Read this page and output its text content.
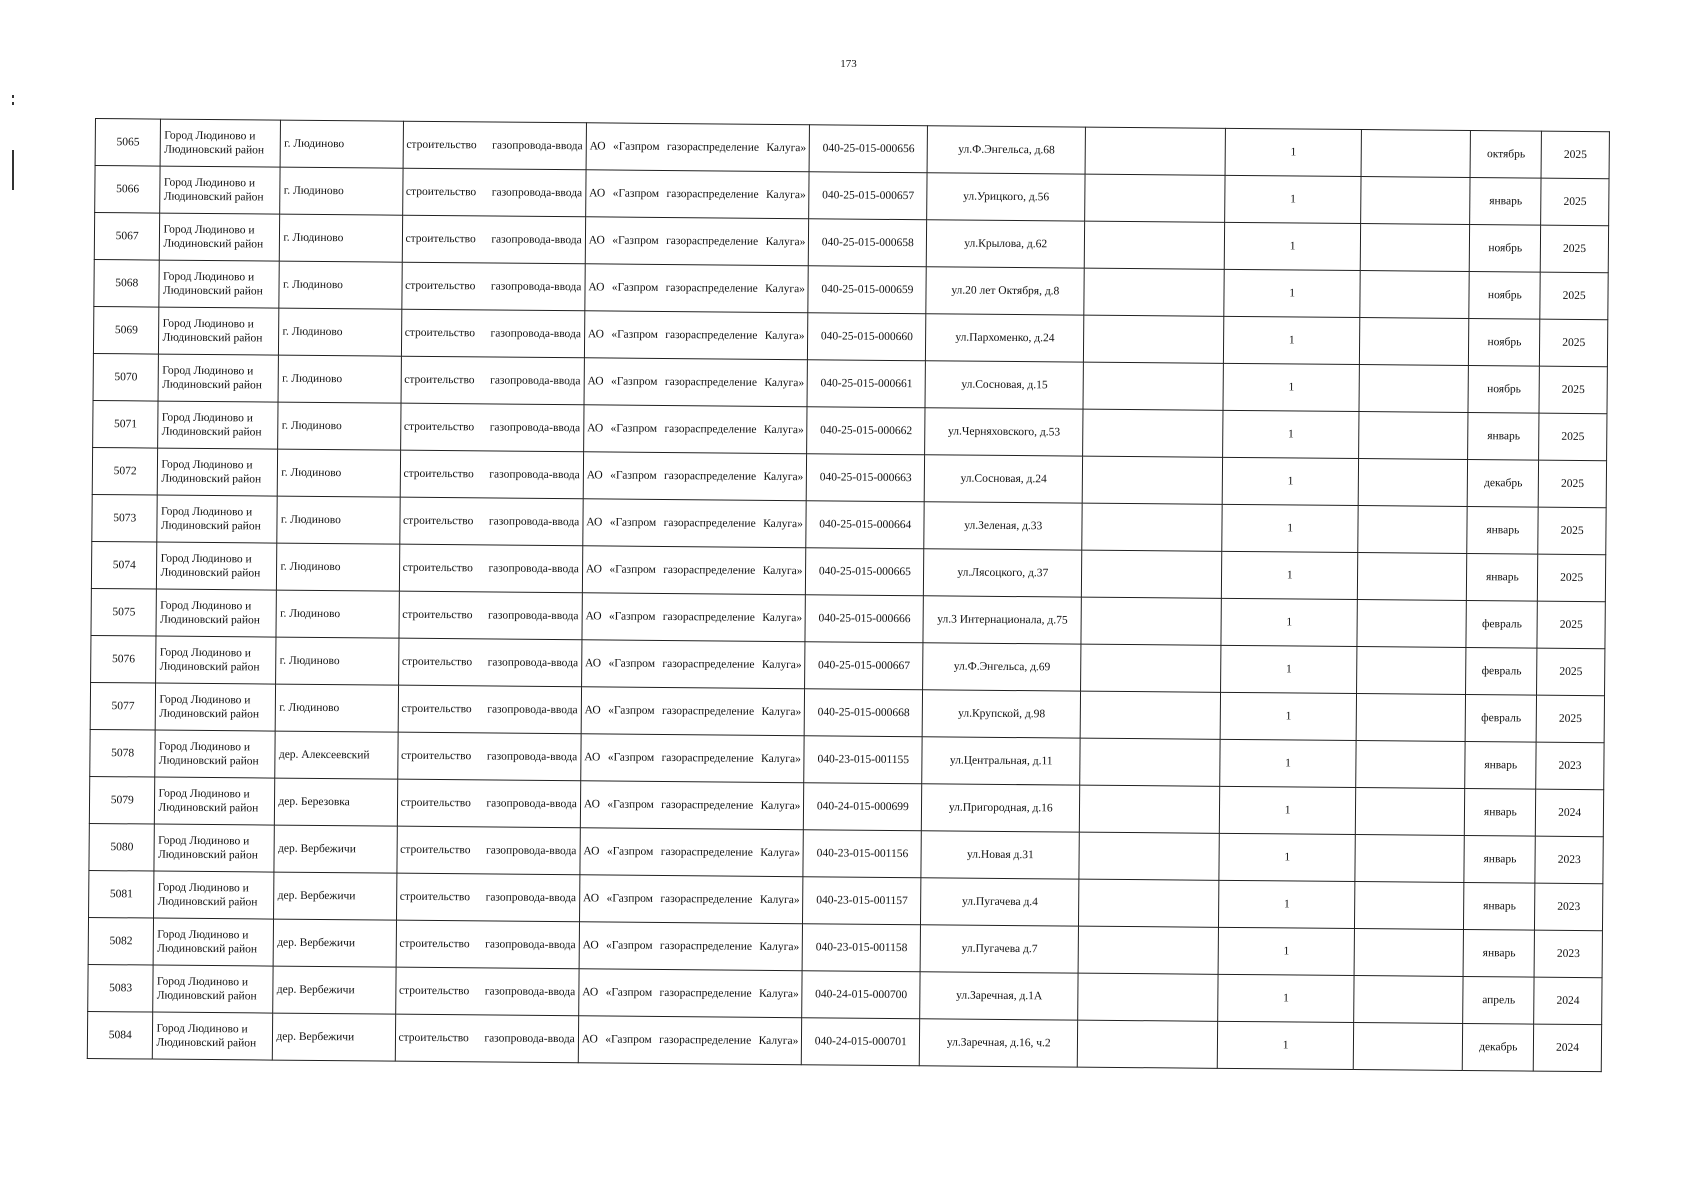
173
5065	Город Людиново и Людиновский район	г. Людиново	строительство газопровода-ввода	АО «Газпром газораспределение Калуга»	040-25-015-000656	ул.Ф.Энгельса, д.68		1		октябрь	2025
5066	Город Людиново и Людиновский район	г. Людиново	строительство газопровода-ввода	АО «Газпром газораспределение Калуга»	040-25-015-000657	ул.Урицкого, д.56		1		январь	2025
5067	Город Людиново и Людиновский район	г. Людиново	строительство газопровода-ввода	АО «Газпром газораспределение Калуга»	040-25-015-000658	ул.Крылова, д.62		1		ноябрь	2025
5068	Город Людиново и Людиновский район	г. Людиново	строительство газопровода-ввода	АО «Газпром газораспределение Калуга»	040-25-015-000659	ул.20 лет Октября, д.8		1		ноябрь	2025
5069	Город Людиново и Людиновский район	г. Людиново	строительство газопровода-ввода	АО «Газпром газораспределение Калуга»	040-25-015-000660	ул.Пархоменко, д.24		1		ноябрь	2025
5070	Город Людиново и Людиновский район	г. Людиново	строительство газопровода-ввода	АО «Газпром газораспределение Калуга»	040-25-015-000661	ул.Сосновая, д.15		1		ноябрь	2025
5071	Город Людиново и Людиновский район	г. Людиново	строительство газопровода-ввода	АО «Газпром газораспределение Калуга»	040-25-015-000662	ул.Черняховского, д.53		1		январь	2025
5072	Город Людиново и Людиновский район	г. Людиново	строительство газопровода-ввода	АО «Газпром газораспределение Калуга»	040-25-015-000663	ул.Сосновая, д.24		1		декабрь	2025
5073	Город Людиново и Людиновский район	г. Людиново	строительство газопровода-ввода	АО «Газпром газораспределение Калуга»	040-25-015-000664	ул.Зеленая, д.33		1		январь	2025
5074	Город Людиново и Людиновский район	г. Людиново	строительство газопровода-ввода	АО «Газпром газораспределение Калуга»	040-25-015-000665	ул.Лясоцкого, д.37		1		январь	2025
5075	Город Людиново и Людиновский район	г. Людиново	строительство газопровода-ввода	АО «Газпром газораспределение Калуга»	040-25-015-000666	ул.3 Интернационала, д.75		1		февраль	2025
5076	Город Людиново и Людиновский район	г. Людиново	строительство газопровода-ввода	АО «Газпром газораспределение Калуга»	040-25-015-000667	ул.Ф.Энгельса, д.69		1		февраль	2025
5077	Город Людиново и Людиновский район	г. Людиново	строительство газопровода-ввода	АО «Газпром газораспределение Калуга»	040-25-015-000668	ул.Крупской, д.98		1		февраль	2025
5078	Город Людиново и Людиновский район	дер. Алексеевский	строительство газопровода-ввода	АО «Газпром газораспределение Калуга»	040-23-015-001155	ул.Центральная, д.11		1		январь	2023
5079	Город Людиново и Людиновский район	дер. Березовка	строительство газопровода-ввода	АО «Газпром газораспределение Калуга»	040-24-015-000699	ул.Пригородная, д.16		1		январь	2024
5080	Город Людиново и Людиновский район	дер. Вербежичи	строительство газопровода-ввода	АО «Газпром газораспределение Калуга»	040-23-015-001156	ул.Новая д.31		1		январь	2023
5081	Город Людиново и Людиновский район	дер. Вербежичи	строительство газопровода-ввода	АО «Газпром газораспределение Калуга»	040-23-015-001157	ул.Пугачева д.4		1		январь	2023
5082	Город Людиново и Людиновский район	дер. Вербежичи	строительство газопровода-ввода	АО «Газпром газораспределение Калуга»	040-23-015-001158	ул.Пугачева д.7		1		январь	2023
5083	Город Людиново и Людиновский район	дер. Вербежичи	строительство газопровода-ввода	АО «Газпром газораспределение Калуга»	040-24-015-000700	ул.Заречная, д.1А		1		апрель	2024
5084	Город Людиново и Людиновский район	дер. Вербежичи	строительство газопровода-ввода	АО «Газпром газораспределение Калуга»	040-24-015-000701	ул.Заречная, д.16, ч.2		1		декабрь	2024
